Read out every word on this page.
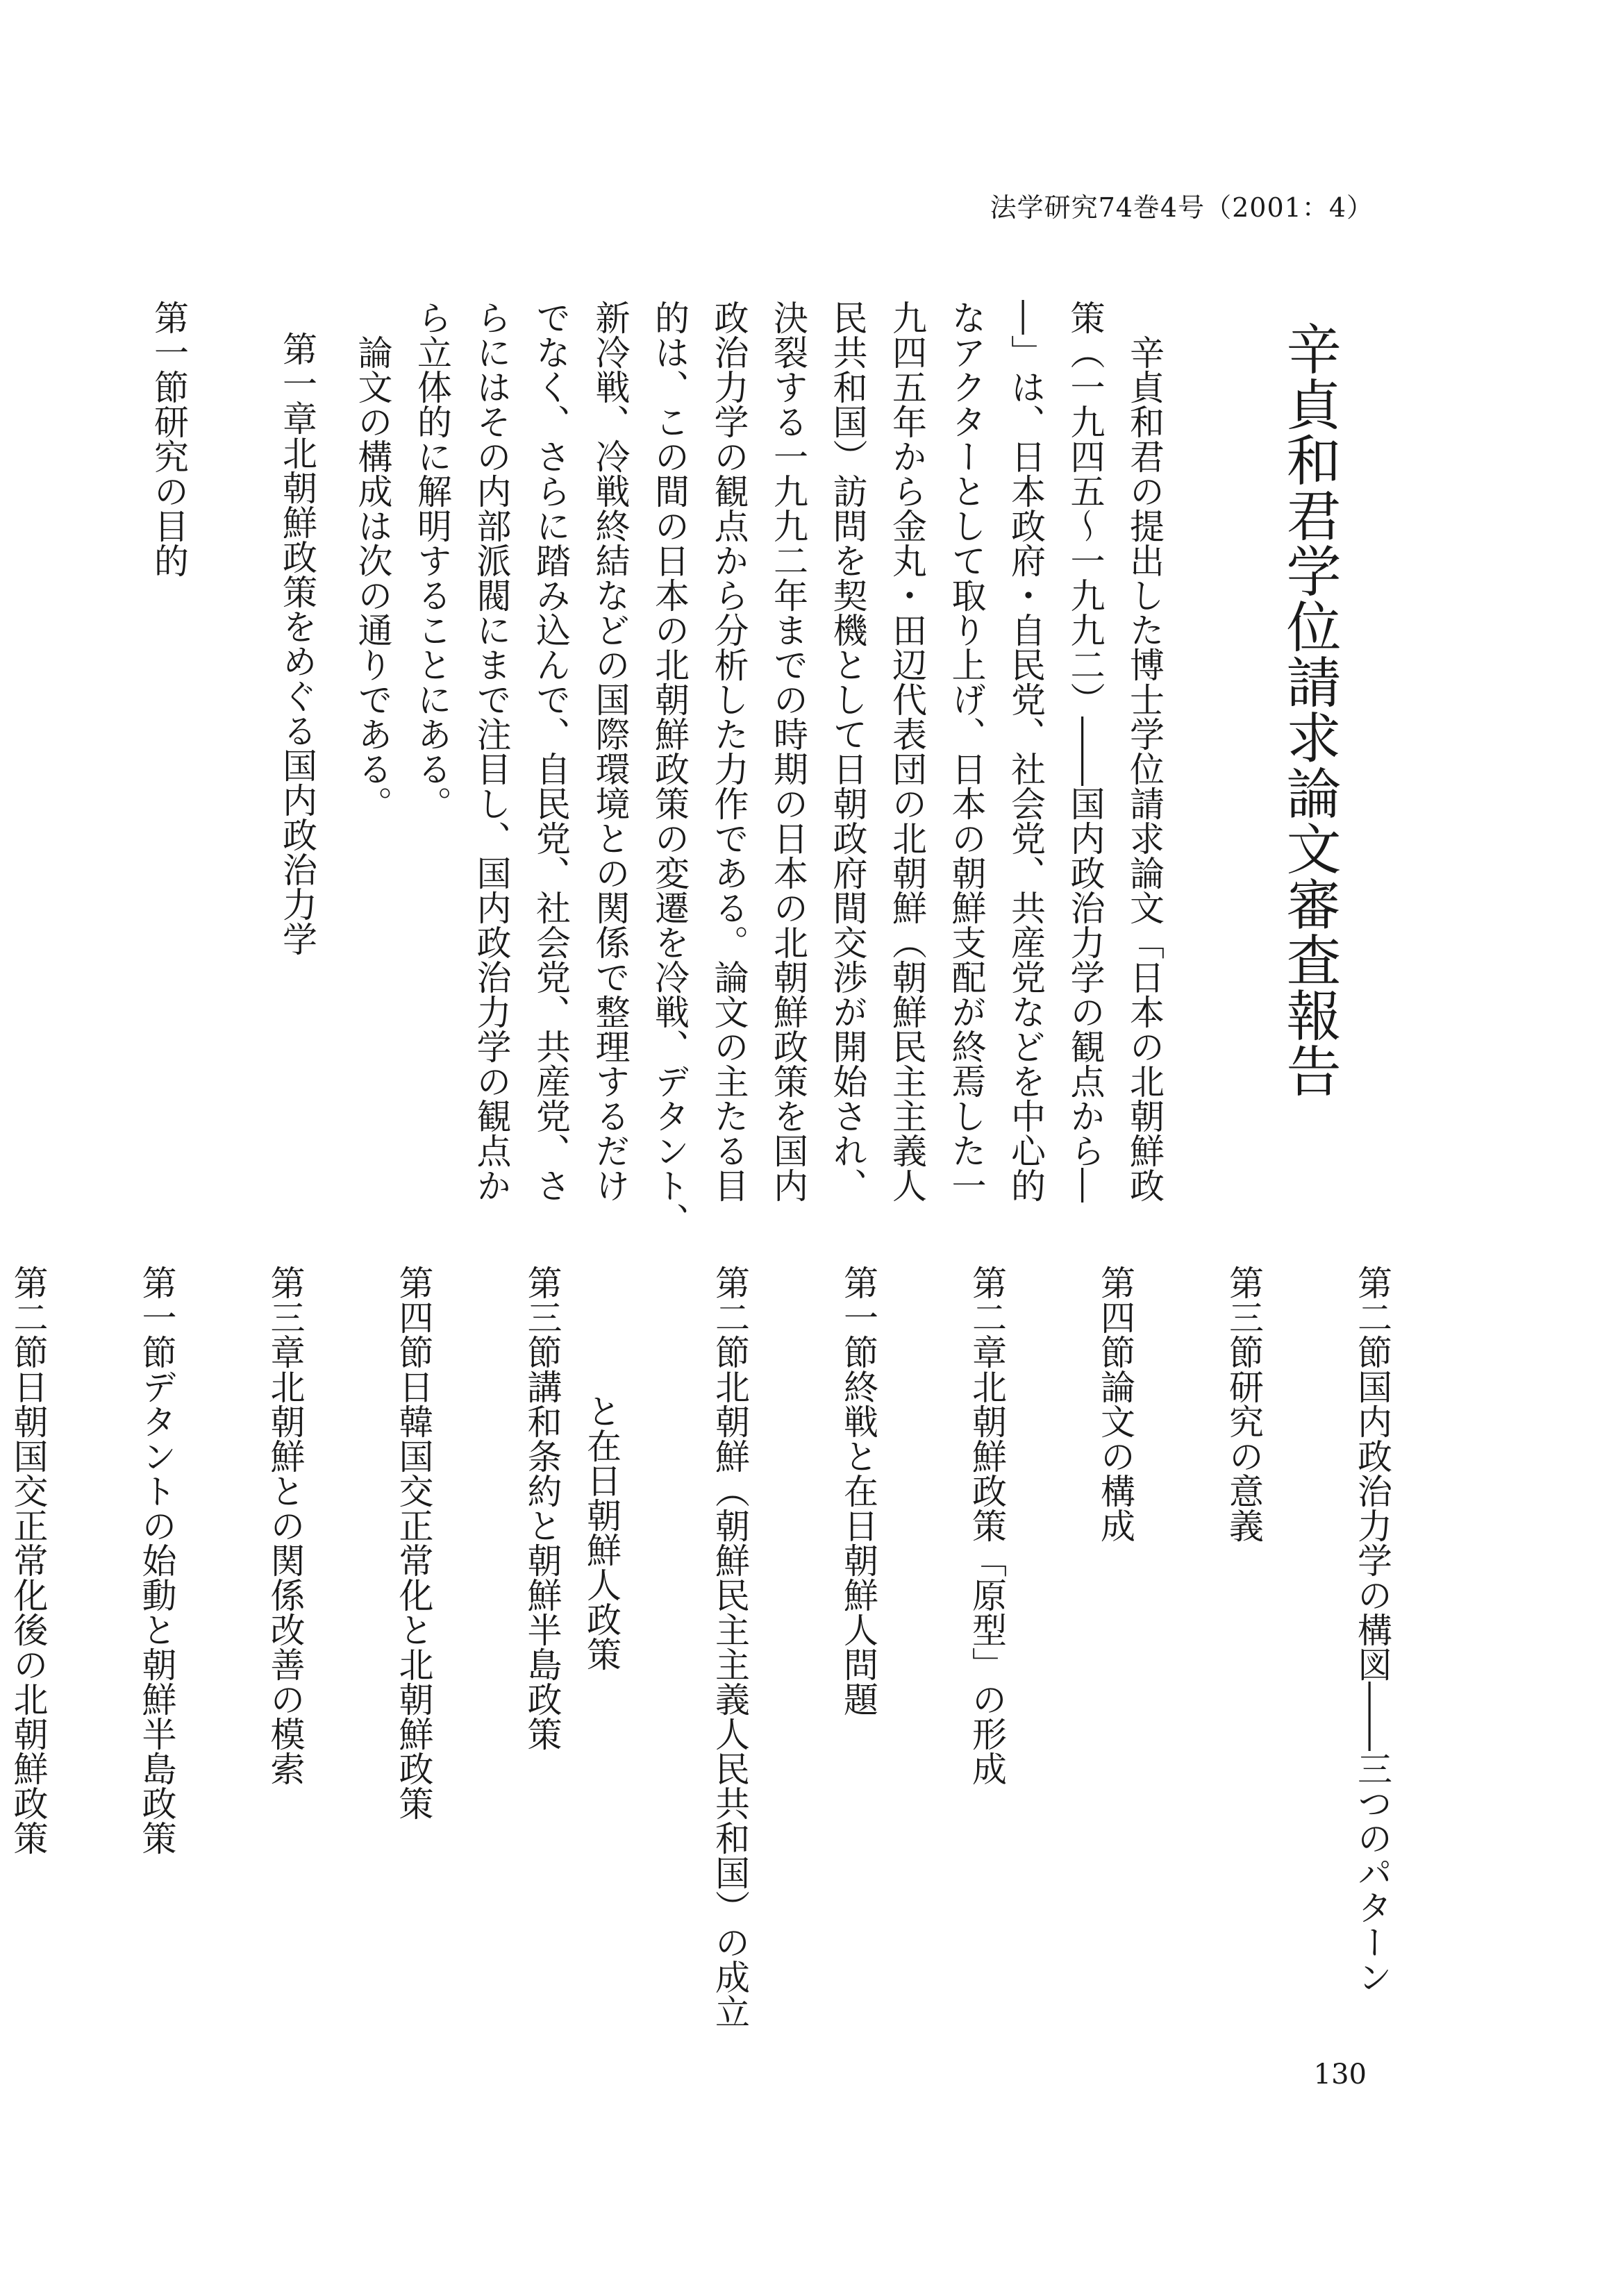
法学研究74巻4号（2001：4）
辛貞和君学位請求論文審査報告

辛貞和君の提出した博士学位請求論文「日本の北朝鮮政
策（一九四五～一九九二）――国内政治力学の観点から―
―」は、日本政府・自民党、社会党、共産党などを中心的
なアクターとして取り上げ、日本の朝鮮支配が終焉した一
九四五年から金丸・田辺代表団の北朝鮮（朝鮮民主主義人
民共和国）訪問を契機として日朝政府間交渉が開始され、
決裂する一九九二年までの時期の日本の北朝鮮政策を国内
政治力学の観点から分析した力作である。論文の主たる目
的は、この間の日本の北朝鮮政策の変遷を冷戦、デタント、
新冷戦、冷戦終結などの国際環境との関係で整理するだけ
でなく、さらに踏み込んで、自民党、社会党、共産党、さ
らにはその内部派閥にまで注目し、国内政治力学の観点か
ら立体的に解明することにある。

論文の構成は次の通りである。

第一章北朝鮮政策をめぐる国内政治力学
第一節研究の目的
第二節国内政治力学の構図――三つのパターン
第三節研究の意義
第四節論文の構成
第二章北朝鮮政策「原型」の形成
第一節終戦と在日朝鮮人問題
第二節北朝鮮（朝鮮民主主義人民共和国）の成立
と在日朝鮮人政策
第三節講和条約と朝鮮半島政策
第四節日韓国交正常化と北朝鮮政策
第三章北朝鮮との関係改善の模索
第一節デタントの始動と朝鮮半島政策
第二節日朝国交正常化後の北朝鮮政策
130
